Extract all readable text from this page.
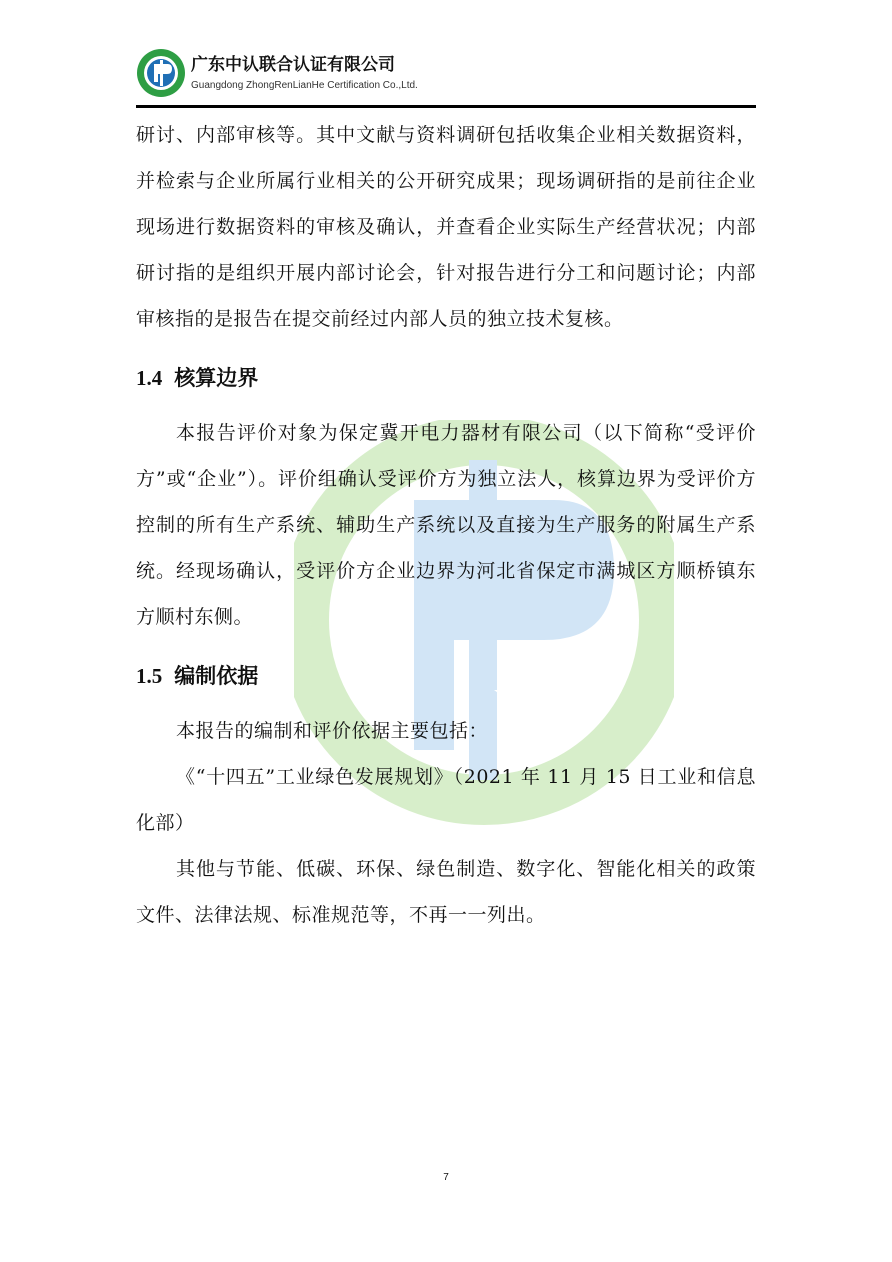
广东中认联合认证有限公司
Guangdong ZhongRenLianHe Certification Co.,Ltd.

研讨、内部审核等。其中文献与资料调研包括收集企业相关数据资料，并检索与企业所属行业相关的公开研究成果；现场调研指的是前往企业现场进行数据资料的审核及确认，并查看企业实际生产经营状况；内部研讨指的是组织开展内部讨论会，针对报告进行分工和问题讨论；内部审核指的是报告在提交前经过内部人员的独立技术复核。

1.4 核算边界

本报告评价对象为保定冀开电力器材有限公司（以下简称“受评价方”或“企业”）。评价组确认受评价方为独立法人，核算边界为受评价方控制的所有生产系统、辅助生产系统以及直接为生产服务的附属生产系统。经现场确认，受评价方企业边界为河北省保定市满城区方顺桥镇东方顺村东侧。

1.5 编制依据

本报告的编制和评价依据主要包括：

《“十四五”工业绿色发展规划》（2021 年 11 月 15 日工业和信息化部）

其他与节能、低碳、环保、绿色制造、数字化、智能化相关的政策文件、法律法规、标准规范等，不再一一列出。

7
